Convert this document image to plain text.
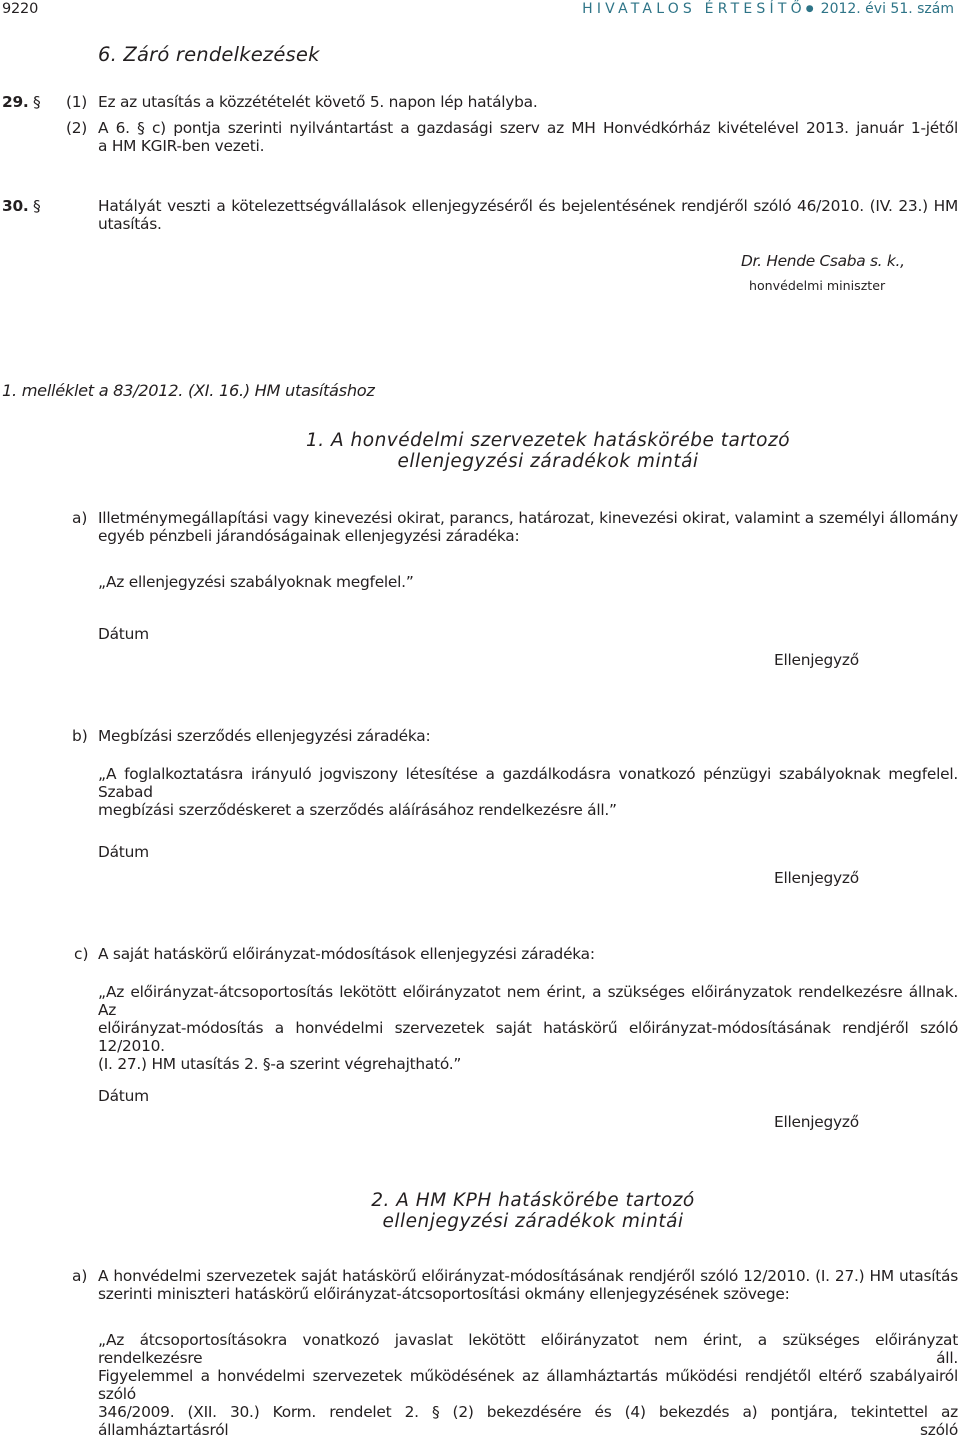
9220	HIVATALOS ÉRTESÍTŐ● 2012. évi 51. szám
6. Záró rendelkezések
29. § (1) Ez az utasítás a közzétételét követő 5. napon lép hatályba.
(2) A 6. § c) pontja szerinti nyilvántartást a gazdasági szerv az MH Honvédkórház kivételével 2013. január 1-jétől
a HM KGIR-ben vezeti.
30. §	Hatályát veszti a kötelezettségvállalások ellenjegyzéséről és bejelentésének rendjéről szóló 46/2010. (IV. 23.) HM
utasítás.
Dr. Hende Csaba s. k.,
honvédelmi miniszter
1. melléklet a 83/2012. (XI. 16.) HM utasításhoz
1. A honvédelmi szervezetek hatáskörébe tartozó
ellenjegyzési záradékok mintái
a) Illetménymegállapítási vagy kinevezési okirat, parancs, határozat, kinevezési okirat, valamint a személyi állomány
egyéb pénzbeli járandóságainak ellenjegyzési záradéka:
„Az ellenjegyzési szabályoknak megfelel.”
Dátum
Ellenjegyző
b) Megbízási szerződés ellenjegyzési záradéka:
„A foglalkoztatásra irányuló jogviszony létesítése a gazdálkodásra vonatkozó pénzügyi szabályoknak megfelel. Szabad
megbízási szerződéskeret a szerződés aláírásához rendelkezésre áll.”
Dátum
Ellenjegyző
c) A saját hatáskörű előirányzat-módosítások ellenjegyzési záradéka:
„Az előirányzat-átcsoportosítás lekötött előirányzatot nem érint, a szükséges előirányzatok rendelkezésre állnak. Az
előirányzat-módosítás a honvédelmi szervezetek saját hatáskörű előirányzat-módosításának rendjéről szóló 12/2010.
(I. 27.) HM utasítás 2. §-a szerint végrehajtható.”
Dátum
Ellenjegyző
2. A HM KPH hatáskörébe tartozó
ellenjegyzési záradékok mintái
a) A honvédelmi szervezetek saját hatáskörű előirányzat-módosításának rendjéről szóló 12/2010. (I. 27.) HM utasítás
szerinti miniszteri hatáskörű előirányzat-átcsoportosítási okmány ellenjegyzésének szövege:
„Az átcsoportosításokra vonatkozó javaslat lekötött előirányzatot nem érint, a szükséges előirányzat rendelkezésre áll.
Figyelemmel a honvédelmi szervezetek működésének az államháztartás működési rendjétől eltérő szabályairól szóló
346/2009. (XII. 30.) Korm. rendelet 2. § (2) bekezdésére és (4) bekezdés a) pontjára, tekintettel az államháztartásról szóló
